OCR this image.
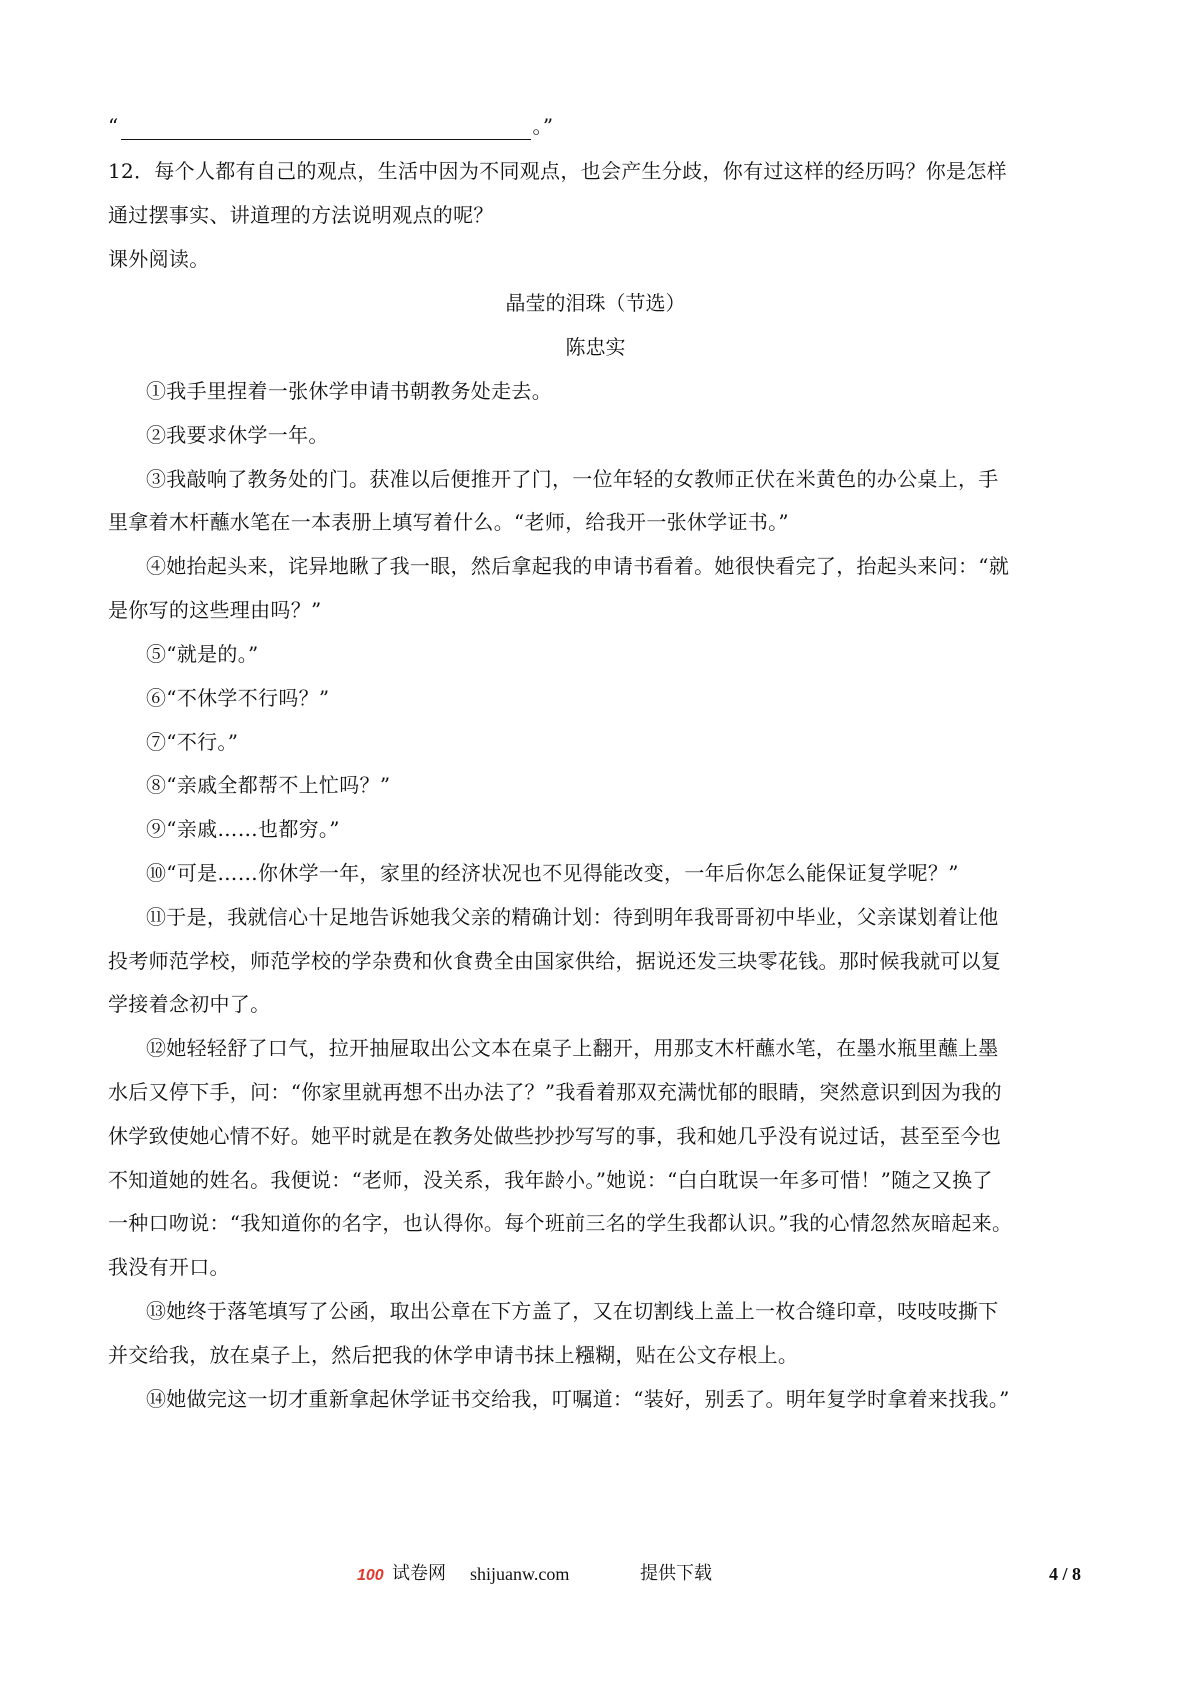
“	。”
12．每个人都有自己的观点，生活中因为不同观点，也会产生分歧，你有过这样的经历吗？你是怎样
通过摆事实、讲道理的方法说明观点的呢？
课外阅读。
晶莹的泪珠（节选）
陈忠实
①我手里捏着一张休学申请书朝教务处走去。
②我要求休学一年。
③我敲响了教务处的门。获准以后便推开了门，一位年轻的女教师正伏在米黄色的办公桌上，手
里拿着木杆蘸水笔在一本表册上填写着什么。“老师，给我开一张休学证书。”
④她抬起头来，诧异地瞅了我一眼，然后拿起我的申请书看着。她很快看完了，抬起头来问：“就
是你写的这些理由吗？”
⑤“就是的。”
⑥“不休学不行吗？”
⑦“不行。”
⑧“亲戚全都帮不上忙吗？”
⑨“亲戚……也都穷。”
⑩“可是……你休学一年，家里的经济状况也不见得能改变，一年后你怎么能保证复学呢？”
⑪于是，我就信心十足地告诉她我父亲的精确计划：待到明年我哥哥初中毕业，父亲谋划着让他
投考师范学校，师范学校的学杂费和伙食费全由国家供给，据说还发三块零花钱。那时候我就可以复
学接着念初中了。
⑫她轻轻舒了口气，拉开抽屉取出公文本在桌子上翻开，用那支木杆蘸水笔，在墨水瓶里蘸上墨
水后又停下手，问：“你家里就再想不出办法了？”我看着那双充满忧郁的眼睛，突然意识到因为我的
休学致使她心情不好。她平时就是在教务处做些抄抄写写的事，我和她几乎没有说过话，甚至至今也
不知道她的姓名。我便说：“老师，没关系，我年龄小。”她说：“白白耽误一年多可惜！”随之又换了
一种口吻说：“我知道你的名字，也认得你。每个班前三名的学生我都认识。”我的心情忽然灰暗起来。
我没有开口。
⑬她终于落笔填写了公函，取出公章在下方盖了，又在切割线上盖上一枚合缝印章，吱吱吱撕下
并交给我，放在桌子上，然后把我的休学申请书抹上糨糊，贴在公文存根上。
⑭她做完这一切才重新拿起休学证书交给我，叮嘱道：“装好，别丢了。明年复学时拿着来找我。”
100 试卷网 shijuanw.com	提供下载	4 / 8
